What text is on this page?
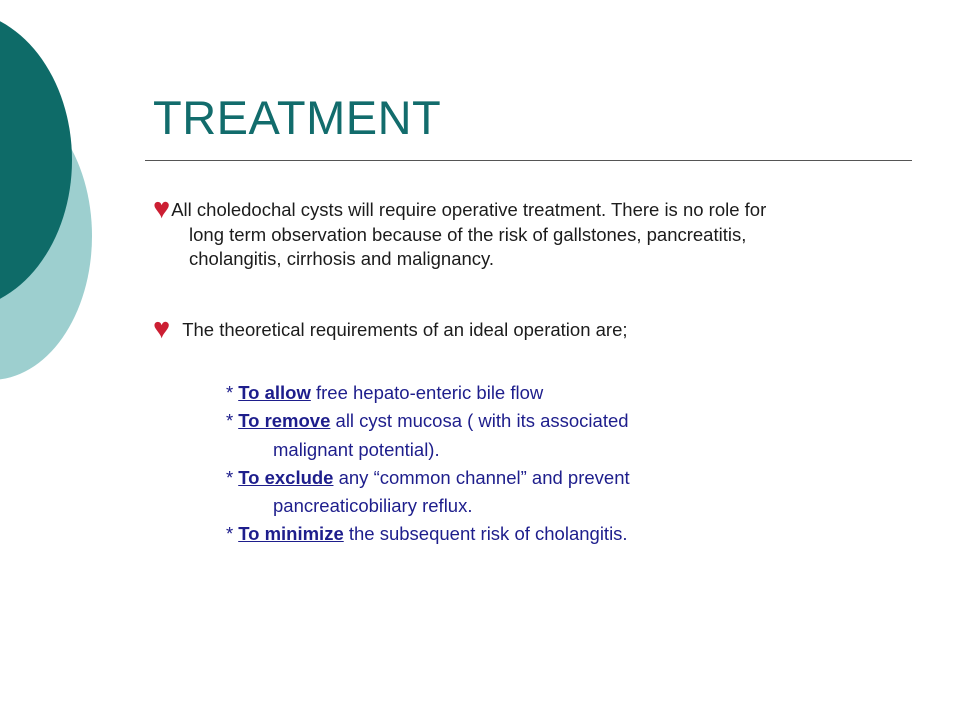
TREATMENT
♥All choledochal cysts will require operative treatment. There is no role for
long term observation because of the risk of gallstones, pancreatitis,
cholangitis, cirrhosis and malignancy.
♥ The theoretical requirements of an ideal operation are;
* To allow free hepato-enteric bile flow
* To remove all cyst mucosa ( with its associated
malignant potential).
* To exclude any “common channel” and prevent
pancreaticobiliary reflux.
* To minimize the subsequent risk of cholangitis.
